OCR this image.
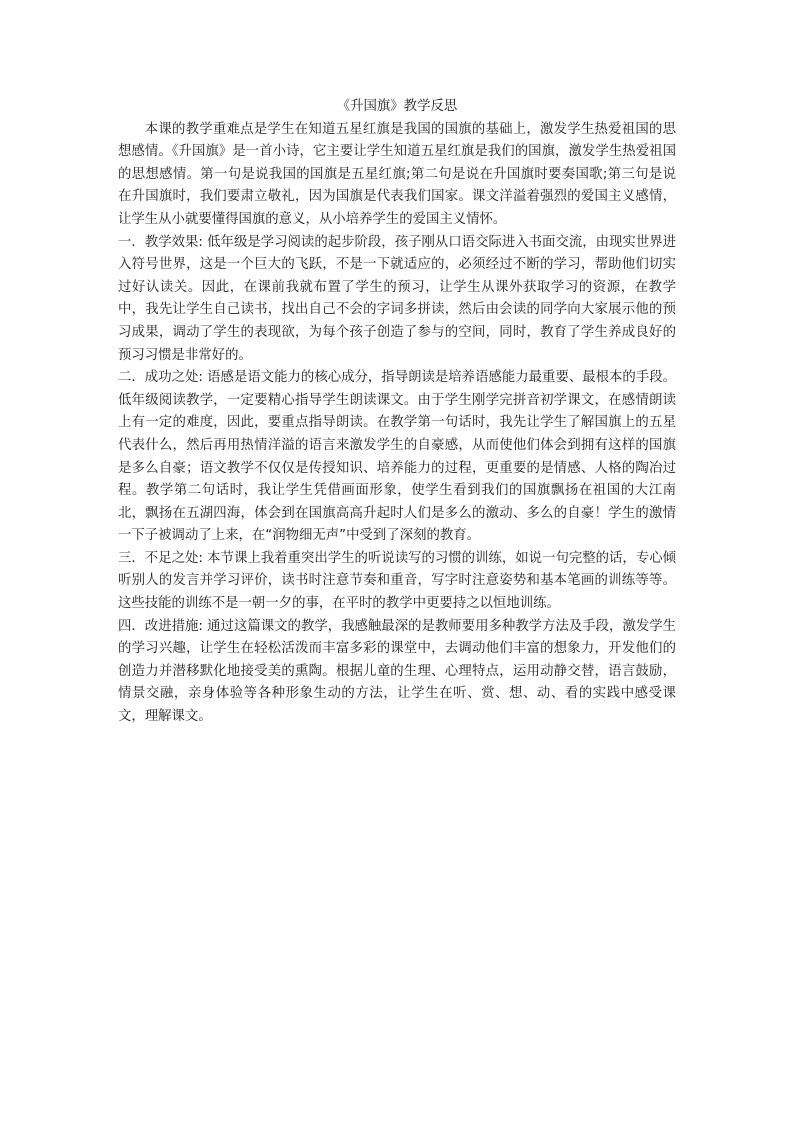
《升国旗》教学反思

本课的教学重难点是学生在知道五星红旗是我国的国旗的基础上，激发学生热爱祖国的思想感情。《升国旗》是一首小诗，它主要让学生知道五星红旗是我们的国旗，激发学生热爱祖国的思想感情。第一句是说我国的国旗是五星红旗;第二句是说在升国旗时要奏国歌;第三句是说在升国旗时，我们要肃立敬礼，因为国旗是代表我们国家。课文洋溢着强烈的爱国主义感情，让学生从小就要懂得国旗的意义，从小培养学生的爱国主义情怀。

一．教学效果: 低年级是学习阅读的起步阶段，孩子刚从口语交际进入书面交流，由现实世界进入符号世界，这是一个巨大的飞跃，不是一下就适应的，必须经过不断的学习，帮助他们切实过好认读关。因此，在课前我就布置了学生的预习，让学生从课外获取学习的资源，在教学中，我先让学生自己读书，找出自己不会的字词多拼读，然后由会读的同学向大家展示他的预习成果，调动了学生的表现欲，为每个孩子创造了参与的空间，同时，教育了学生养成良好的预习习惯是非常好的。

二．成功之处: 语感是语文能力的核心成分，指导朗读是培养语感能力最重要、最根本的手段。低年级阅读教学，一定要精心指导学生朗读课文。由于学生刚学完拼音初学课文，在感情朗读上有一定的难度，因此，要重点指导朗读。在教学第一句话时，我先让学生了解国旗上的五星代表什么，然后再用热情洋溢的语言来激发学生的自豪感，从而使他们体会到拥有这样的国旗是多么自豪；语文教学不仅仅是传授知识、培养能力的过程，更重要的是情感、人格的陶冶过程。教学第二句话时，我让学生凭借画面形象，使学生看到我们的国旗飘扬在祖国的大江南北，飘扬在五湖四海，体会到在国旗高高升起时人们是多么的激动、多么的自豪！学生的激情一下子被调动了上来，在“润物细无声”中受到了深刻的教育。

三．不足之处: 本节课上我着重突出学生的听说读写的习惯的训练，如说一句完整的话，专心倾听别人的发言并学习评价，读书时注意节奏和重音，写字时注意姿势和基本笔画的训练等等。这些技能的训练不是一朝一夕的事，在平时的教学中更要持之以恒地训练。

四．改进措施: 通过这篇课文的教学，我感触最深的是教师要用多种教学方法及手段，激发学生的学习兴趣，让学生在轻松活泼而丰富多彩的课堂中，去调动他们丰富的想象力，开发他们的创造力并潜移默化地接受美的熏陶。根据儿童的生理、心理特点，运用动静交替，语言鼓励，情景交融，亲身体验等各种形象生动的方法，让学生在听、赏、想、动、看的实践中感受课文，理解课文。
